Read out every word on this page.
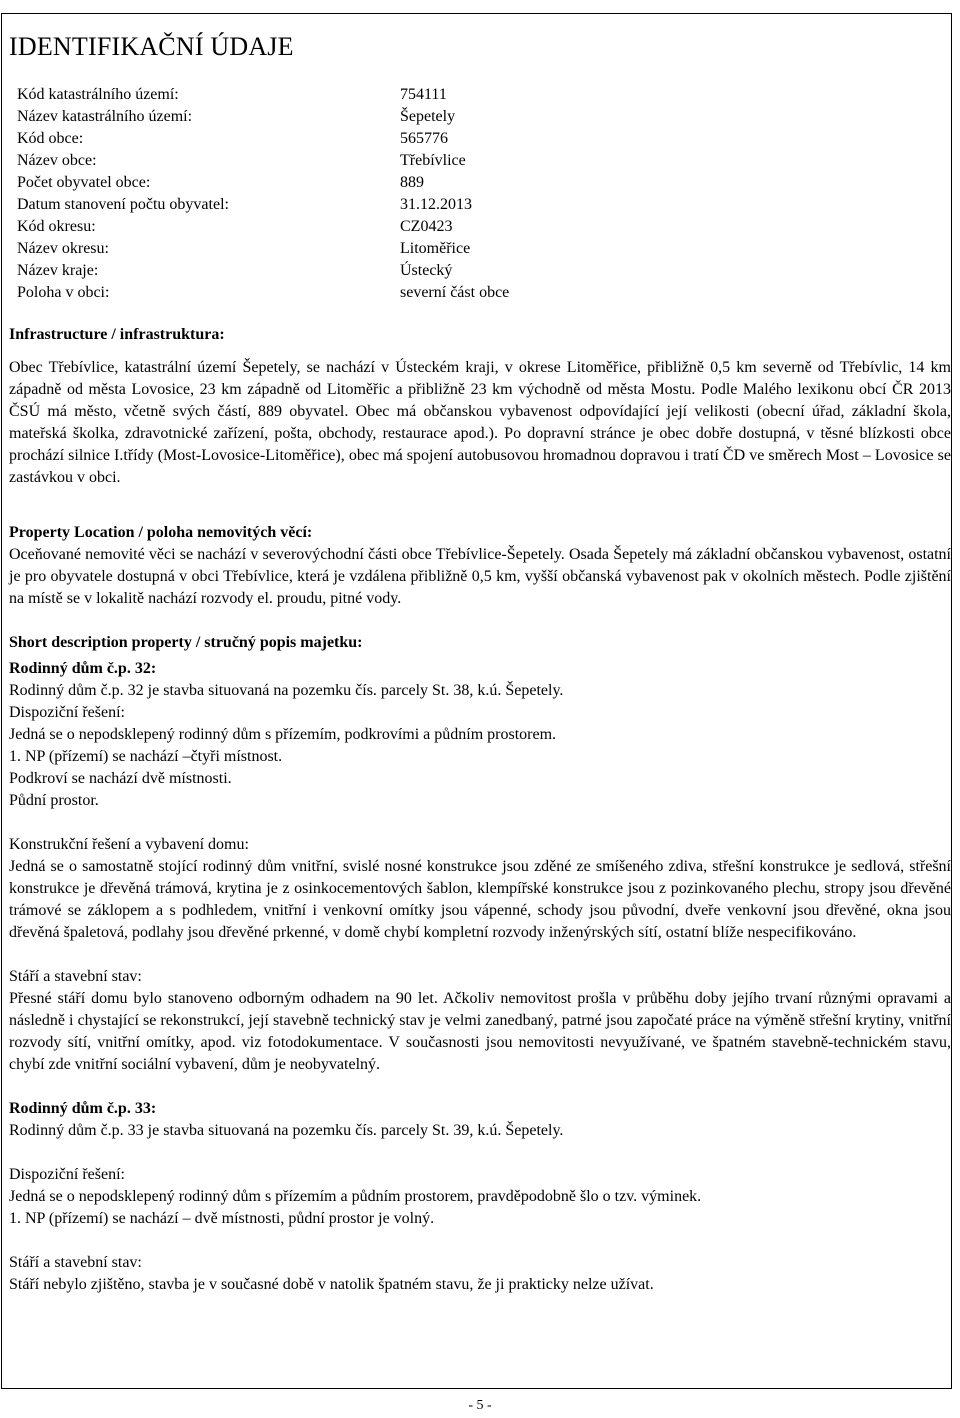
IDENTIFIKAČNÍ ÚDAJE
Kód katastrálního území:	754111
Název katastrálního území:	Šepetely
Kód obce:	565776
Název obce:	Třebívlice
Počet obyvatel obce:	889
Datum stanovení počtu obyvatel:	31.12.2013
Kód okresu:	CZ0423
Název okresu:	Litoměřice
Název kraje:	Ústecký
Poloha v obci:	severní část obce
Infrastructure / infrastruktura:

Obec Třebívlice, katastrální území Šepetely, se nachází v Ústeckém kraji, v okrese Litoměřice, přibližně 0,5 km severně od Třebívlic, 14 km západně od města Lovosice, 23 km západně od Litoměřic a přibližně 23 km východně od města Mostu. Podle Malého lexikonu obcí ČR 2013 ČSÚ má město, včetně svých částí, 889 obyvatel. Obec má občanskou vybavenost odpovídající její velikosti (obecní úřad, základní škola, mateřská školka, zdravotnické zařízení, pošta, obchody, restaurace apod.). Po dopravní stránce je obec dobře dostupná, v těsné blízkosti obce prochází silnice I.třídy (Most-Lovosice-Litoměřice), obec má spojení autobusovou hromadnou dopravou i tratí ČD ve směrech Most – Lovosice se zastávkou v obci.

Property Location / poloha nemovitých věcí:

Oceňované nemovité věci se nachází v severovýchodní části obce Třebívlice-Šepetely. Osada Šepetely má základní občanskou vybavenost, ostatní je pro obyvatele dostupná v obci Třebívlice, která je vzdálena přibližně 0,5 km, vyšší občanská vybavenost pak v okolních městech. Podle zjištění na místě se v lokalitě nachází rozvody el. proudu, pitné vody.

Short description property / stručný popis majetku:

Rodinný dům č.p. 32:

Rodinný dům č.p. 32 je stavba situovaná na pozemku čís. parcely St. 38, k.ú. Šepetely.

Dispoziční řešení:

Jedná se o nepodsklepený rodinný dům s přízemím, podkrovími a půdním prostorem.

1. NP (přízemí) se nachází –čtyři místnost.

Podkroví se nachází dvě místnosti.

Půdní prostor.

Konstrukční řešení a vybavení domu:

Jedná se o samostatně stojící rodinný dům vnitřní, svislé nosné konstrukce jsou zděné ze smíšeného zdiva, střešní konstrukce je sedlová, střešní konstrukce je dřevěná trámová, krytina je z osinkocementových šablon, klempířské konstrukce jsou z pozinkovaného plechu, stropy jsou dřevěné trámové se záklopem a s podhledem, vnitřní i venkovní omítky jsou vápenné, schody jsou původní, dveře venkovní jsou dřevěné, okna jsou dřevěná špaletová, podlahy jsou dřevěné prkenné, v domě chybí kompletní rozvody inženýrských sítí, ostatní blíže nespecifikováno.

Stáří a stavební stav:

Přesné stáří domu bylo stanoveno odborným odhadem na 90 let. Ačkoliv nemovitost prošla v průběhu doby jejího trvaní různými opravami a následně i chystající se rekonstrukcí, její stavebně technický stav je velmi zanedbaný, patrné jsou započaté práce na výměně střešní krytiny, vnitřní rozvody sítí, vnitřní omítky, apod. viz fotodokumentace. V současnosti jsou nemovitosti nevyužívané, ve špatném stavebně-technickém stavu, chybí zde vnitřní sociální vybavení, dům je neobyvatelný.

Rodinný dům č.p. 33:

Rodinný dům č.p. 33 je stavba situovaná na pozemku čís. parcely St. 39, k.ú. Šepetely.

Dispoziční řešení:

Jedná se o nepodsklepený rodinný dům s přízemím a půdním prostorem, pravděpodobně šlo o tzv. výminek.

1. NP (přízemí) se nachází – dvě místnosti, půdní prostor je volný.

Stáří a stavební stav:

Stáří nebylo zjištěno, stavba je v současné době v natolik špatném stavu, že ji prakticky nelze užívat.

- 5 -
